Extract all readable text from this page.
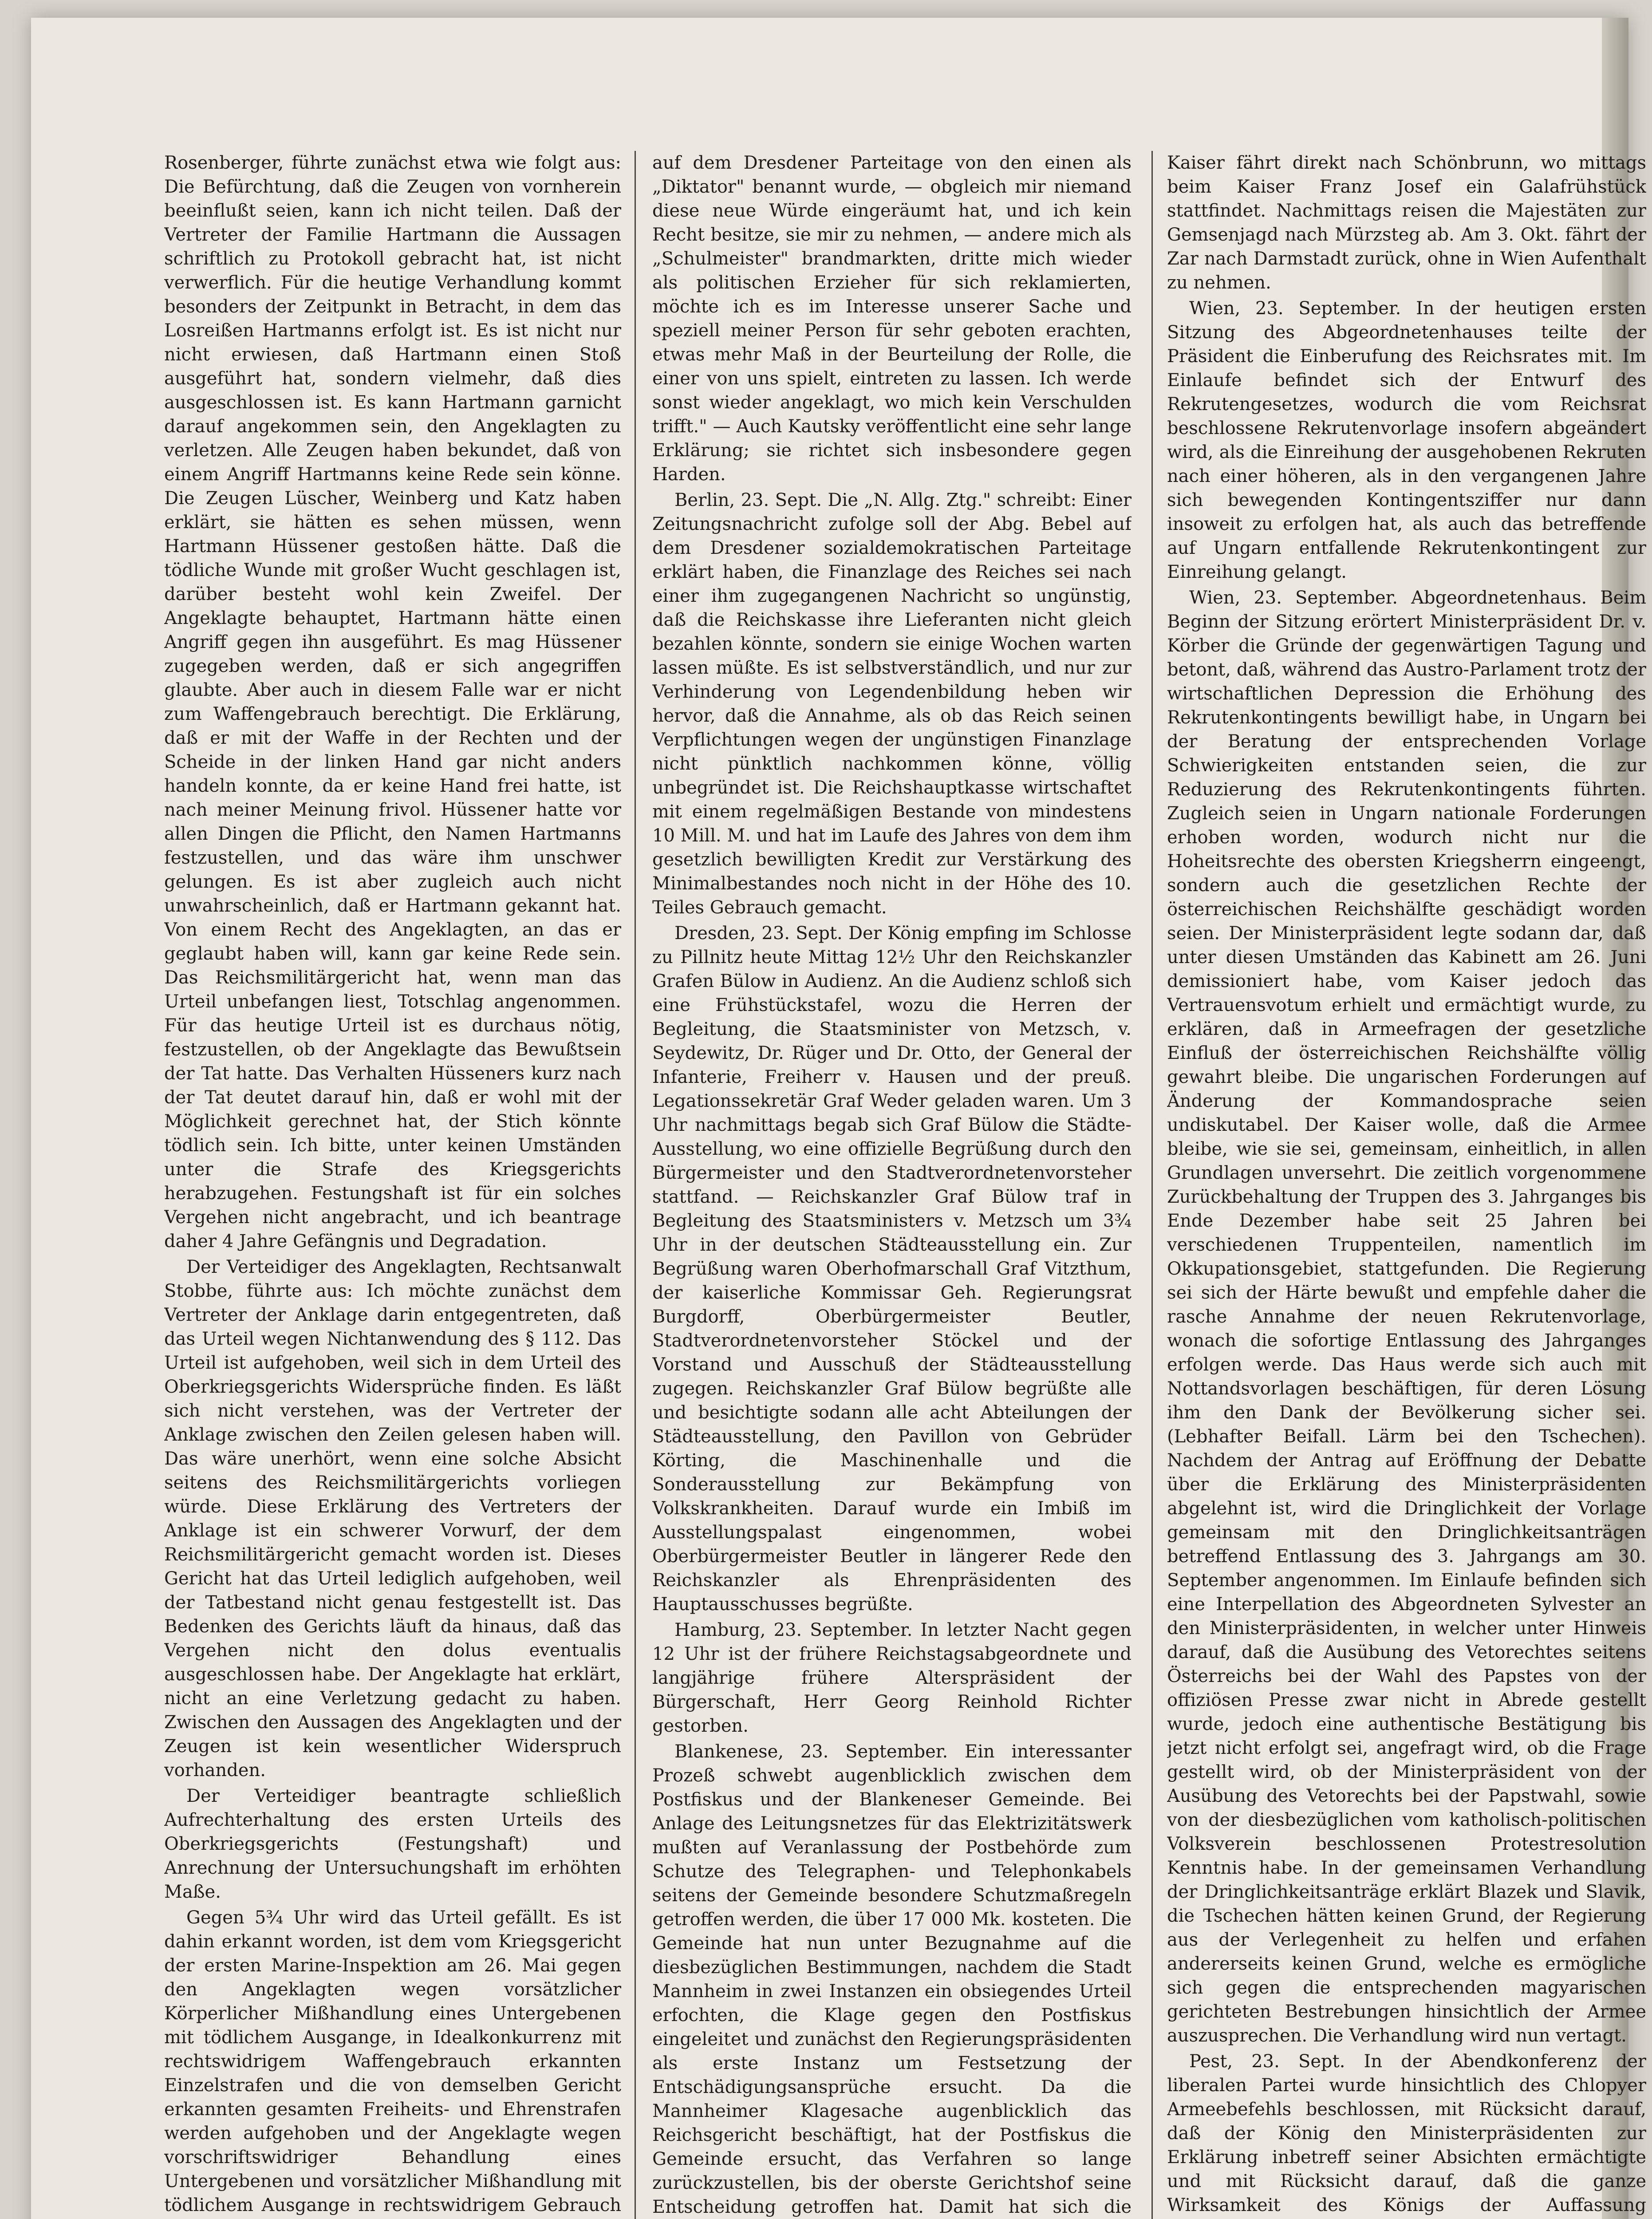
Rosenberger, führte zunächst etwa wie folgt aus: Die Befürchtung, daß die Zeugen von vornherein beeinflußt seien, kann ich nicht teilen. Daß der Vertreter der Familie Hartmann die Aussagen schriftlich zu Protokoll gebracht hat, ist nicht verwerflich. Für die heutige Verhandlung kommt besonders der Zeitpunkt in Betracht, in dem das Losreißen Hartmanns erfolgt ist. Es ist nicht nur nicht erwiesen, daß Hartmann einen Stoß ausgeführt hat, sondern vielmehr, daß dies ausgeschlossen ist. Es kann Hartmann garnicht darauf angekommen sein, den Angeklagten zu verletzen. Alle Zeugen haben bekundet, daß von einem Angriff Hartmanns keine Rede sein könne. Die Zeugen Lüscher, Weinberg und Katz haben erklärt, sie hätten es sehen müssen, wenn Hartmann Hüssener gestoßen hätte. Daß die tödliche Wunde mit großer Wucht geschlagen ist, darüber besteht wohl kein Zweifel. Der Angeklagte behauptet, Hartmann hätte einen Angriff gegen ihn ausgeführt. Es mag Hüssener zugegeben werden, daß er sich angegriffen glaubte. Aber auch in diesem Falle war er nicht zum Waffengebrauch berechtigt. Die Erklärung, daß er mit der Waffe in der Rechten und der Scheide in der linken Hand gar nicht anders handeln konnte, da er keine Hand frei hatte, ist nach meiner Meinung frivol. Hüssener hatte vor allen Dingen die Pflicht, den Namen Hartmanns festzustellen, und das wäre ihm unschwer gelungen. Es ist aber zugleich auch nicht unwahrscheinlich, daß er Hartmann gekannt hat. Von einem Recht des Angeklagten, an das er geglaubt haben will, kann gar keine Rede sein. Das Reichsmilitärgericht hat, wenn man das Urteil unbefangen liest, Totschlag angenommen. Für das heutige Urteil ist es durchaus nötig, festzustellen, ob der Angeklagte das Bewußtsein der Tat hatte. Das Verhalten Hüsseners kurz nach der Tat deutet darauf hin, daß er wohl mit der Möglichkeit gerechnet hat, der Stich könnte tödlich sein. Ich bitte, unter keinen Umständen unter die Strafe des Kriegsgerichts herabzugehen. Festungshaft ist für ein solches Vergehen nicht angebracht, und ich beantrage daher 4 Jahre Gefängnis und Degradation.

Der Verteidiger des Angeklagten, Rechtsanwalt Stobbe, führte aus: Ich möchte zunächst dem Vertreter der Anklage darin entgegentreten, daß das Urteil wegen Nichtanwendung des § 112. Das Urteil ist aufgehoben, weil sich in dem Urteil des Oberkriegsgerichts Widersprüche finden. Es läßt sich nicht verstehen, was der Vertreter der Anklage zwischen den Zeilen gelesen haben will. Das wäre unerhört, wenn eine solche Absicht seitens des Reichsmilitärgerichts vorliegen würde. Diese Erklärung des Vertreters der Anklage ist ein schwerer Vorwurf, der dem Reichsmilitärgericht gemacht worden ist. Dieses Gericht hat das Urteil lediglich aufgehoben, weil der Tatbestand nicht genau festgestellt ist. Das Bedenken des Gerichts läuft da hinaus, daß das Vergehen nicht den dolus eventualis ausgeschlossen habe. Der Angeklagte hat erklärt, nicht an eine Verletzung gedacht zu haben. Zwischen den Aussagen des Angeklagten und der Zeugen ist kein wesentlicher Widerspruch vorhanden.

Der Verteidiger beantragte schließlich Aufrechterhaltung des ersten Urteils des Oberkriegsgerichts (Festungshaft) und Anrechnung der Untersuchungshaft im erhöhten Maße.

Gegen 5¾ Uhr wird das Urteil gefällt. Es ist dahin erkannt worden, ist dem vom Kriegsgericht der ersten Marine-Inspektion am 26. Mai gegen den Angeklagten wegen vorsätzlicher Körperlicher Mißhandlung eines Untergebenen mit tödlichem Ausgange, in Idealkonkurrenz mit rechtswidrigem Waffengebrauch erkannten Einzelstrafen und die von demselben Gericht erkannten gesamten Freiheits- und Ehrenstrafen werden aufgehoben und der Angeklagte wegen vorschriftswidriger Behandlung eines Untergebenen und vorsätzlicher Mißhandlung mit tödlichem Ausgange in rechtswidrigem Gebrauch

auf dem Dresdener Parteitage von den einen als „Diktator" benannt wurde, — obgleich mir niemand diese neue Würde eingeräumt hat, und ich kein Recht besitze, sie mir zu nehmen, — andere mich als „Schulmeister" brandmarkten, dritte mich wieder als politischen Erzieher für sich reklamierten, möchte ich es im Interesse unserer Sache und speziell meiner Person für sehr geboten erachten, etwas mehr Maß in der Beurteilung der Rolle, die einer von uns spielt, eintreten zu lassen. Ich werde sonst wieder angeklagt, wo mich kein Verschulden trifft." — Auch Kautsky veröffentlicht eine sehr lange Erklärung; sie richtet sich insbesondere gegen Harden.

Berlin, 23. Sept. Die „N. Allg. Ztg." schreibt: Einer Zeitungsnachricht zufolge soll der Abg. Bebel auf dem Dresdener sozialdemokratischen Parteitage erklärt haben, die Finanzlage des Reiches sei nach einer ihm zugegangenen Nachricht so ungünstig, daß die Reichskasse ihre Lieferanten nicht gleich bezahlen könnte, sondern sie einige Wochen warten lassen müßte. Es ist selbstverständlich, und nur zur Verhinderung von Legendenbildung heben wir hervor, daß die Annahme, als ob das Reich seinen Verpflichtungen wegen der ungünstigen Finanzlage nicht pünktlich nachkommen könne, völlig unbegründet ist. Die Reichshauptkasse wirtschaftet mit einem regelmäßigen Bestande von mindestens 10 Mill. M. und hat im Laufe des Jahres von dem ihm gesetzlich bewilligten Kredit zur Verstärkung des Minimalbestandes noch nicht in der Höhe des 10. Teiles Gebrauch gemacht.

Dresden, 23. Sept. Der König empfing im Schlosse zu Pillnitz heute Mittag 12½ Uhr den Reichskanzler Grafen Bülow in Audienz. An die Audienz schloß sich eine Frühstückstafel, wozu die Herren der Begleitung, die Staatsminister von Metzsch, v. Seydewitz, Dr. Rüger und Dr. Otto, der General der Infanterie, Freiherr v. Hausen und der preuß. Legationssekretär Graf Weder geladen waren. Um 3 Uhr nachmittags begab sich Graf Bülow die Städte-Ausstellung, wo eine offizielle Begrüßung durch den Bürgermeister und den Stadtverordnetenvorsteher stattfand. — Reichskanzler Graf Bülow traf in Begleitung des Staatsministers v. Metzsch um 3¾ Uhr in der deutschen Städteausstellung ein. Zur Begrüßung waren Oberhofmarschall Graf Vitzthum, der kaiserliche Kommissar Geh. Regierungsrat Burgdorff, Oberbürgermeister Beutler, Stadtverordnetenvorsteher Stöckel und der Vorstand und Ausschuß der Städteausstellung zugegen. Reichskanzler Graf Bülow begrüßte alle und besichtigte sodann alle acht Abteilungen der Städteausstellung, den Pavillon von Gebrüder Körting, die Maschinenhalle und die Sonderausstellung zur Bekämpfung von Volkskrankheiten. Darauf wurde ein Imbiß im Ausstellungspalast eingenommen, wobei Oberbürgermeister Beutler in längerer Rede den Reichskanzler als Ehrenpräsidenten des Hauptausschusses begrüßte.

Hamburg, 23. September. In letzter Nacht gegen 12 Uhr ist der frühere Reichstagsabgeordnete und langjährige frühere Alterspräsident der Bürgerschaft, Herr Georg Reinhold Richter gestorben.

Blankenese, 23. September. Ein interessanter Prozeß schwebt augenblicklich zwischen dem Postfiskus und der Blankeneser Gemeinde. Bei Anlage des Leitungsnetzes für das Elektrizitätswerk mußten auf Veranlassung der Postbehörde zum Schutze des Telegraphen- und Telephonkabels seitens der Gemeinde besondere Schutzmaßregeln getroffen werden, die über 17 000 Mk. kosteten. Die Gemeinde hat nun unter Bezugnahme auf die diesbezüglichen Bestimmungen, nachdem die Stadt Mannheim in zwei Instanzen ein obsiegendes Urteil erfochten, die Klage gegen den Postfiskus eingeleitet und zunächst den Regierungspräsidenten als erste Instanz um Festsetzung der Entschädigungsansprüche ersucht. Da die Mannheimer Klagesache augenblicklich das Reichsgericht beschäftigt, hat der Postfiskus die Gemeinde ersucht, das Verfahren so lange zurückzustellen, bis der oberste Gerichtshof seine Entscheidung getroffen hat. Damit hat sich die

Kaiser fährt direkt nach Schönbrunn, wo mittags beim Kaiser Franz Josef ein Galafrühstück stattfindet. Nachmittags reisen die Majestäten zur Gemsenjagd nach Mürzsteg ab. Am 3. Okt. fährt der Zar nach Darmstadt zurück, ohne in Wien Aufenthalt zu nehmen.

Wien, 23. September. In der heutigen ersten Sitzung des Abgeordnetenhauses teilte der Präsident die Einberufung des Reichsrates mit. Im Einlaufe befindet sich der Entwurf des Rekrutengesetzes, wodurch die vom Reichsrat beschlossene Rekrutenvorlage insofern abgeändert wird, als die Einreihung der ausgehobenen Rekruten nach einer höheren, als in den vergangenen Jahre sich bewegenden Kontingentsziffer nur dann insoweit zu erfolgen hat, als auch das betreffende auf Ungarn entfallende Rekrutenkontingent zur Einreihung gelangt.

Wien, 23. September. Abgeordnetenhaus. Beim Beginn der Sitzung erörtert Ministerpräsident Dr. v. Körber die Gründe der gegenwärtigen Tagung und betont, daß, während das Austro-Parlament trotz der wirtschaftlichen Depression die Erhöhung des Rekrutenkontingents bewilligt habe, in Ungarn bei der Beratung der entsprechenden Vorlage Schwierigkeiten entstanden seien, die zur Reduzierung des Rekrutenkontingents führten. Zugleich seien in Ungarn nationale Forderungen erhoben worden, wodurch nicht nur die Hoheitsrechte des obersten Kriegsherrn eingeengt, sondern auch die gesetzlichen Rechte der österreichischen Reichshälfte geschädigt worden seien. Der Ministerpräsident legte sodann dar, daß unter diesen Umständen das Kabinett am 26. Juni demissioniert habe, vom Kaiser jedoch das Vertrauensvotum erhielt und ermächtigt wurde, zu erklären, daß in Armeefragen der gesetzliche Einfluß der österreichischen Reichshälfte völlig gewahrt bleibe. Die ungarischen Forderungen auf Änderung der Kommandosprache seien undiskutabel. Der Kaiser wolle, daß die Armee bleibe, wie sie sei, gemeinsam, einheitlich, in allen Grundlagen unversehrt. Die zeitlich vorgenommene Zurückbehaltung der Truppen des 3. Jahrganges bis Ende Dezember habe seit 25 Jahren bei verschiedenen Truppenteilen, namentlich im Okkupationsgebiet, stattgefunden. Die Regierung sei sich der Härte bewußt und empfehle daher die rasche Annahme der neuen Rekrutenvorlage, wonach die sofortige Entlassung des Jahrganges erfolgen werde. Das Haus werde sich auch mit Nottandsvorlagen beschäftigen, für deren Lösung ihm den Dank der Bevölkerung sicher sei. (Lebhafter Beifall. Lärm bei den Tschechen). Nachdem der Antrag auf Eröffnung der Debatte über die Erklärung des Ministerpräsidenten abgelehnt ist, wird die Dringlichkeit der Vorlage gemeinsam mit den Dringlichkeitsanträgen betreffend Entlassung des 3. Jahrgangs am 30. September angenommen. Im Einlaufe befinden sich eine Interpellation des Abgeordneten Sylvester an den Ministerpräsidenten, in welcher unter Hinweis darauf, daß die Ausübung des Vetorechtes seitens Österreichs bei der Wahl des Papstes von der offiziösen Presse zwar nicht in Abrede gestellt wurde, jedoch eine authentische Bestätigung bis jetzt nicht erfolgt sei, angefragt wird, ob die Frage gestellt wird, ob der Ministerpräsident von der Ausübung des Vetorechts bei der Papstwahl, sowie von der diesbezüglichen vom katholisch-politischen Volksverein beschlossenen Protestresolution Kenntnis habe. In der gemeinsamen Verhandlung der Dringlichkeitsanträge erklärt Blazek und Slavik, die Tschechen hätten keinen Grund, der Regierung aus der Verlegenheit zu helfen und erfahen andererseits keinen Grund, welche es ermögliche sich gegen die entsprechenden magyarischen gerichteten Bestrebungen hinsichtlich der Armee auszusprechen. Die Verhandlung wird nun vertagt.

Pest, 23. Sept. In der Abendkonferenz der liberalen Partei wurde hinsichtlich des Chlopyer Armeebefehls beschlossen, mit Rücksicht darauf, daß der König den Ministerpräsidenten zur Erklärung inbetreff seiner Absichten ermächtigte und mit Rücksicht darauf, daß die ganze Wirksamkeit des Königs der Auffassung
